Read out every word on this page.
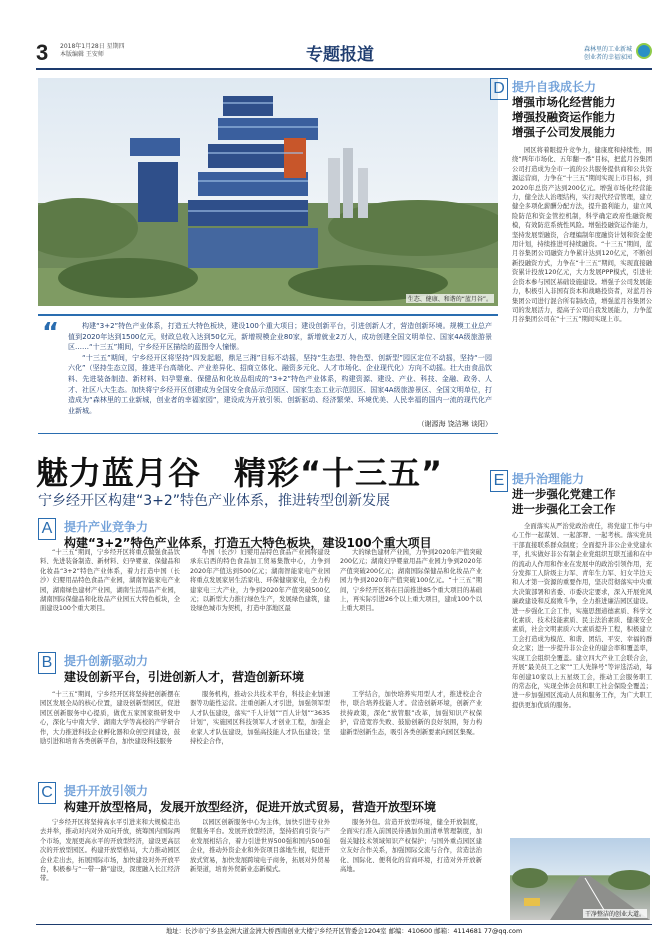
3 2018年1月28日 星期四
本版编辑 王安师	专题报道	森林里的工业新城
创业者的幸福家园
生态、健康、和谐的“蓝月谷”。
“	构建“3+2”特色产业体系，打造五大特色板块，建设100个重大项目；建设创新平台，引进创新人才，营造创新环境。规模工业总产值到2020年达到1500亿元，财政总收入达到50亿元，新增规模企业80家，新增就业2万人，成功创建全国文明单位、国家4A级旅游景区……“十三五”期间，宁乡经开区描绘的蓝图令人憧憬。

“十三五”期间，宁乡经开区将坚持“四发起超，鼎足三湘”目标不动摇，坚持“生态型、特色型、创新型”园区定位不动摇，坚持“一园六化”（坚持生态立园，推进平台高端化、产业差异化、招商立体化、融资多元化、人才市场化、企业现代化）方向不动摇。壮大由食品饮料、先进装备制造、新材料、妇孕婴童、保健品和化妆品组成的“3+2”特色产业体系，构建资源、建设、产业、科技、金融、政务、人才、社区八大生态。加快将宁乡经开区创建成为全国安全食品示范园区、国家生态工业示范园区、国家4A级旅游景区、全国文明单位，打造成为“森林里的工业新城，创业者的幸福家园”，建设成为开放引领、创新驱动、经济繁荣、环境优美、人民幸福的国内一流的现代化产业新城。

（谢源海 饶洁琳 谈阳）
魅力蓝月谷　精彩“十三五”
宁乡经开区构建“3+2”特色产业体系，推进转型创新发展
A 提升产业竞争力
构建“3+2”特色产业体系，打造五大特色板块，建设100个重大项目

“十三五”期间，宁乡经开区将重点做强食品饮料、先进装备制造、新材料、妇孕婴童、保健品和化妆品“3+2”特色产业体系，着力打造中国（长沙）妇婴用品特色食品产业园，湖南智能家电产业园，湖南绿色建材产业园，湖南生活用品产业园，湖南国际保健品和化妆品产业园五大特色板块，全面建设100个重大项目。

中国（长沙）妇婴用品特色食品产业园将建设承东启西的特色食品加工贸易集散中心，力争到2020年产值达到500亿元；湖南智能家电产业园将重点发展家居生活家电、环保健康家电，全力构建家电三大产业，力争到2020年产值突破500亿元；以新型大力推行绿色生产，发展绿色建筑，建设绿色城市为契机，打造中部地区最

大的绿色建材产业园，力争到2020年产值突破200亿元；湖南妇孕婴童用品产业园力争到2020年产值突破200亿元；湖南国际保健品和化妆品产业园力争到2020年产值突破100亿元。“十三五”期间，宁乡经开区将在目前推进85个重大项目的基础上，再实际引进26个以上重大项目，建成100个以上重大项目。

B 提升创新驱动力
建设创新平台，引进创新人才，营造创新环境

“十三五”期间，宁乡经开区将坚持把创新摆在园区发展全局的核心位置，建设创新型园区，促进园区创新服务中心提质，做优五家国家级研发中心，深化与中南大学、湖南大学等高校的产学研合作，大力推进科技企业孵化器和众创空间建设，鼓励引进和培育各类创新平台，加快建设科技服务

服务机构，推动公共技术平台，科技企业加速器等功能性运营。注重创新人才引进，加强领军型人才队伍建设，落实“千人计划”“百人计划”“3635计划”，实施园区科技领军人才创业工程，加强企业家人才队伍建设，加强高技能人才队伍建设；坚持校企合作，

工学结合，加快培养实用型人才，推进校企合作，联合培养技能人才。营造创新环境，创新产业扶持政策，深化“放管服”改革，加强知识产权保护，营造宽容失败、鼓励创新的良好氛围，努力构建新型创新生态，吸引各类创新要素向园区集聚。

C 提升开放引领力
构建开放型格局，发展开放型经济，促进开放式贸易，营造开放型环境

宁乡经开区将坚持高水平引进来和大规模走出去并举，推动对内对外双向开放，统筹国内国际两个市场，发展更高水平的开放型经济，建设更高层次的开放型园区。构建开放型格局，大力推动园区企业走出去，拓展国际市场，加快建设对外开放平台，积极参与“一带一路”建设，深度融入长江经济带。

以园区创新服务中心为主体，加快引进专业外贸服务平台。发展开放型经济，坚持招商引资与产业发展相结合，着力引进世界500强和国内500强企业，推动外资企业和外资项目落地生根，促进开放式贸易，加快发展跨境电子商务，拓展对外贸易新渠道，培育外贸新业态新模式。

服务外包。营造开放型环境，健全开放制度，全面实行准入前国民待遇加负面清单管理制度，加强关键技术领域知识产权保护；与国外重点园区建立友好合作关系，加强国际交流与合作，营造法治化、国际化、便利化的营商环境，打造对外开放新高地。

D 提升自我成长力
增强市场化经营能力
增强投融资运作能力
增强子公司发展能力

园区将着眼提升竞争力，健康度和持续性，围绕“两年市场化、五年翻一番”目标，把蓝月谷集团公司打造成为全市一流的公共服务提供商和公共资源运营商，力争在“十三五”期间实现上市目标，到2020年总资产达到200亿元。增强市场化经营能力，健全法人治理结构，实行现代经营管理，建立健全多项化薪酬分配方法，提升盈利能力，建立风险防范和资金管控机制，科学确定政府性融资规模，有效防范系统性风险。增强投融资运作能力，坚持发展型融资，合理编制年度融资计划和资金使用计划，持续推进可持续融资。“十三五”期间，蓝月谷集团公司融资力争累计达到120亿元，不断创新投融资方式，力争在“十三五”期间，实现直接融资累计投放120亿元，大力发展PPP模式，引进社会资本参与园区基础设施建设。增强子公司发展能力，积极引入非国有资本和战略投资者，对蓝月谷集团公司进行混合所有制改造，增强蓝月谷集团公司的发展活力，提高子公司自我发展能力，力争蓝月谷集团公司在“十三五”期间实现上市。

E 提升治理能力
进一步强化党建工作
进一步强化工会工作

全面落实从严治党政治责任，将党建工作与中心工作一起谋划、一起部署、一起考核。落实党员干部直接联系群众制度；全面提升非公企业党建水平，扎实做好非公有制企业党组织互联互通和在中的流动人作用和作业在发展中的政治引领作用，充分发挥工人阶级主力军、青年生力军、妇女半边天和人才第一资源的重要作用，坚决贯彻落实中央重大决策部署和省委、市委决定要求，深入开展党风廉政建设和反腐败斗争，全力推进廉洁园区建设。进一步强化工会工作，实施思想道德素质、科学文化素质、技术技能素质、民主法治素质、健康安全素质，社会文明素质六大素质提升工程，积极建立工会打造成为模范、和谐、团结、平安、幸福的群众之家；进一步提升非公企业的建会率和覆盖率，实现工会组织全覆盖。建立四大产业工会联合会，开展“最美员工之家”“工人先锋号”等评选活动，每年创建10家以上五星级工会，推动工会服务职工的常态化，实现全体会员和职工社会保险全覆盖；进一步加强园区流动人员和服务工作，为广大职工提供更加优质的服务。

干净整洁的创业大道。
地址：长沙市宁乡县金洲大道金洲大桥西南创业大楼宁乡经开区管委会1204室 邮编：410600 邮箱：4114681 77@qq.com
